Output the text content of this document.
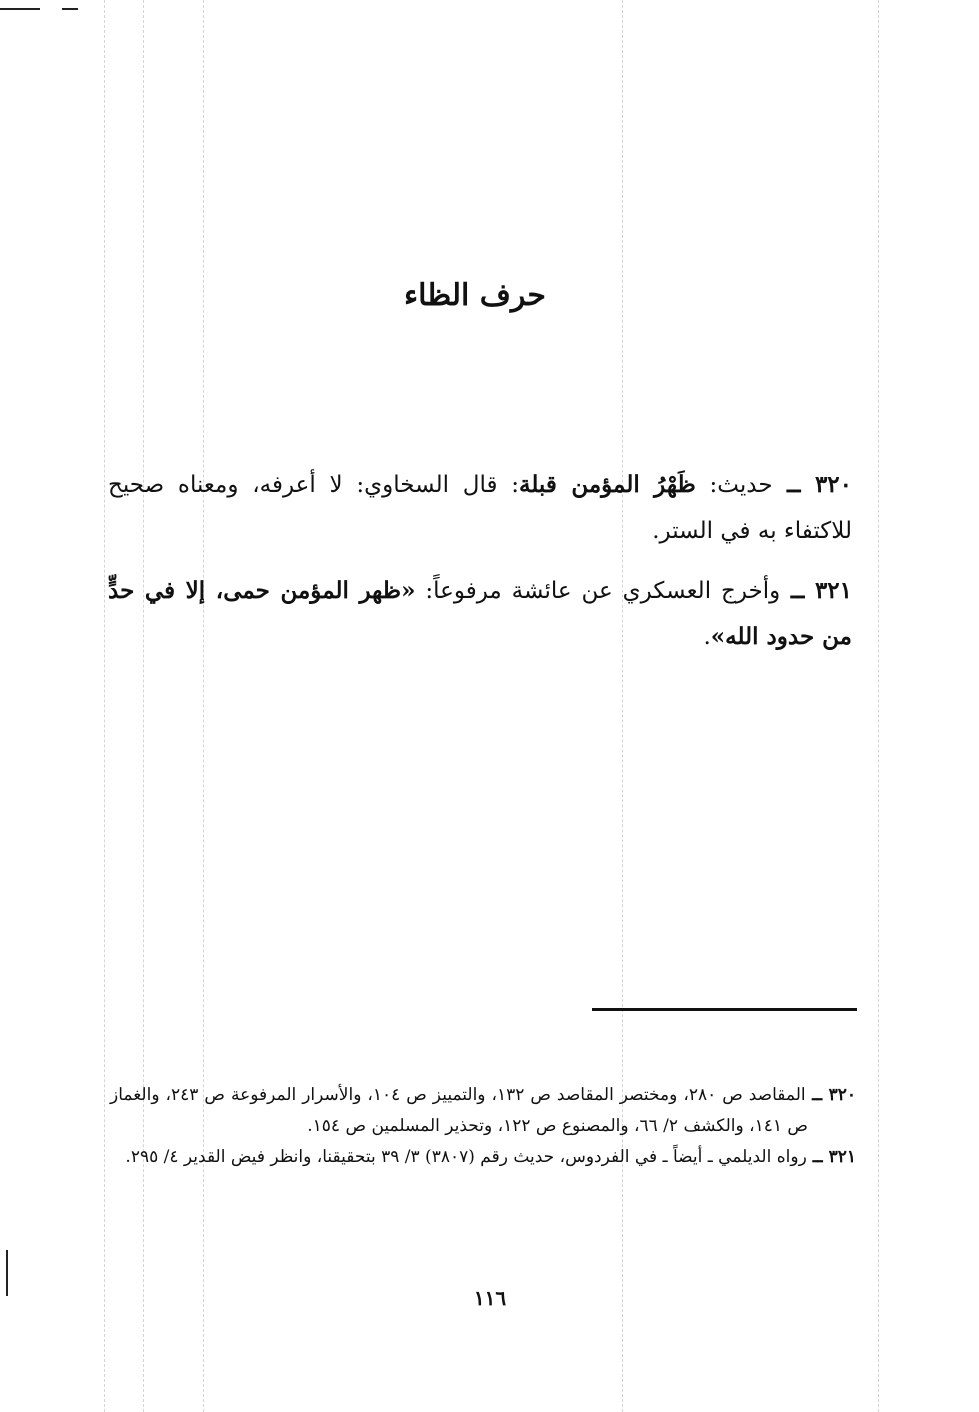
حرف الظاء
٣٢٠ ــ حديث: ظَهْرُ المؤمن قبلة: قال السخاوي: لا أعرفه، ومعناه صحيح للاكتفاء به في الستر.
٣٢١ ــ وأخرج العسكري عن عائشة مرفوعاً: «ظهر المؤمن حمى، إلا في حدٍّ من حدود الله».

٣٢٠ ــ المقاصد ص ٢٨٠، ومختصر المقاصد ص ١٣٢، والتمييز ص ١٠٤، والأسرار المرفوعة ص ٢٤٣، والغماز ص ١٤١، والكشف ٢/ ٦٦، والمصنوع ص ١٢٢، وتحذير المسلمين ص ١٥٤.

٣٢١ ــ رواه الديلمي ـ أيضاً ـ في الفردوس، حديث رقم (٣٨٠٧) ٣/ ٣٩ بتحقيقنا، وانظر فيض القدير ٤/ ٢٩٥.

١١٦
